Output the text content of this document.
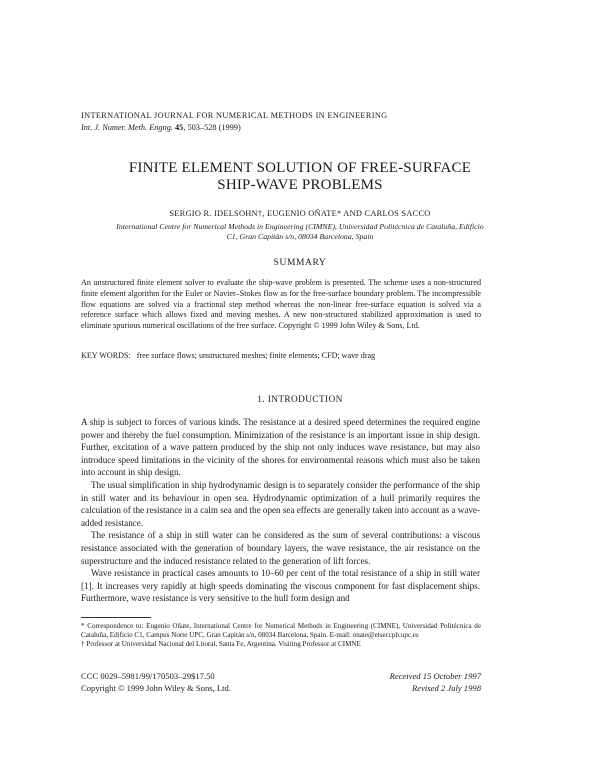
INTERNATIONAL JOURNAL FOR NUMERICAL METHODS IN ENGINEERING
Int. J. Numer. Meth. Engng. 45, 503–528 (1999)
FINITE ELEMENT SOLUTION OF FREE-SURFACE
SHIP-WAVE PROBLEMS
SERGIO R. IDELSOHN†, EUGENIO OÑATE* AND CARLOS SACCO
International Centre for Numerical Methods in Engineering (CIMNE), Universidad Politécnica de Cataluña, Edificio
C1, Gran Capitán s/n, 08034 Barcelona, Spain
SUMMARY
An unstructured finite element solver to evaluate the ship-wave problem is presented. The scheme uses a non-structured finite element algorithm for the Euler or Navier–Stokes flow as for the free-surface boundary problem. The incompressible flow equations are solved via a fractional step method whereas the non-linear free-surface equation is solved via a reference surface which allows fixed and moving meshes. A new non-structured stabilized approximation is used to eliminate spurious numerical oscillations of the free surface. Copyright © 1999 John Wiley & Sons, Ltd.
KEY WORDS: free surface flows; unstructured meshes; finite elements; CFD; wave drag
1. INTRODUCTION

A ship is subject to forces of various kinds. The resistance at a desired speed determines the required engine power and thereby the fuel consumption. Minimization of the resistance is an important issue in ship design. Further, excitation of a wave pattern produced by the ship not only induces wave resistance, but may also introduce speed limitations in the vicinity of the shores for environmental reasons which must also be taken into account in ship design.

The usual simplification in ship hydrodynamic design is to separately consider the performance of the ship in still water and its behaviour in open sea. Hydrodynamic optimization of a hull primarily requires the calculation of the resistance in a calm sea and the open sea effects are generally taken into account as a wave-added resistance.

The resistance of a ship in still water can be considered as the sum of several contributions: a viscous resistance associated with the generation of boundary layers, the wave resistance, the air resistance on the superstructure and the induced resistance related to the generation of lift forces.

Wave resistance in practical cases amounts to 10–60 per cent of the total resistance of a ship in still water [1]. It increases very rapidly at high speeds dominating the viscous component for fast displacement ships. Furthermore, wave resistance is very sensitive to the hull form design and

* Correspondence to: Eugenio Oñate, International Centre for Numerical Methods in Engineering (CIMNE), Universidad Politécnica de Cataluña, Edificio C1, Campus Norte UPC, Gran Capitán s/n, 08034 Barcelona, Spain. E-mail: onate@etseccpb.upc.es

† Professor at Universidad Nacional del Litoral, Santa Fe, Argentina. Visiting Professor at CIMNE

CCC 0029–5981/99/170503–29$17.50	Received 15 October 1997
Copyright © 1999 John Wiley & Sons, Ltd.	Revised 2 July 1998
